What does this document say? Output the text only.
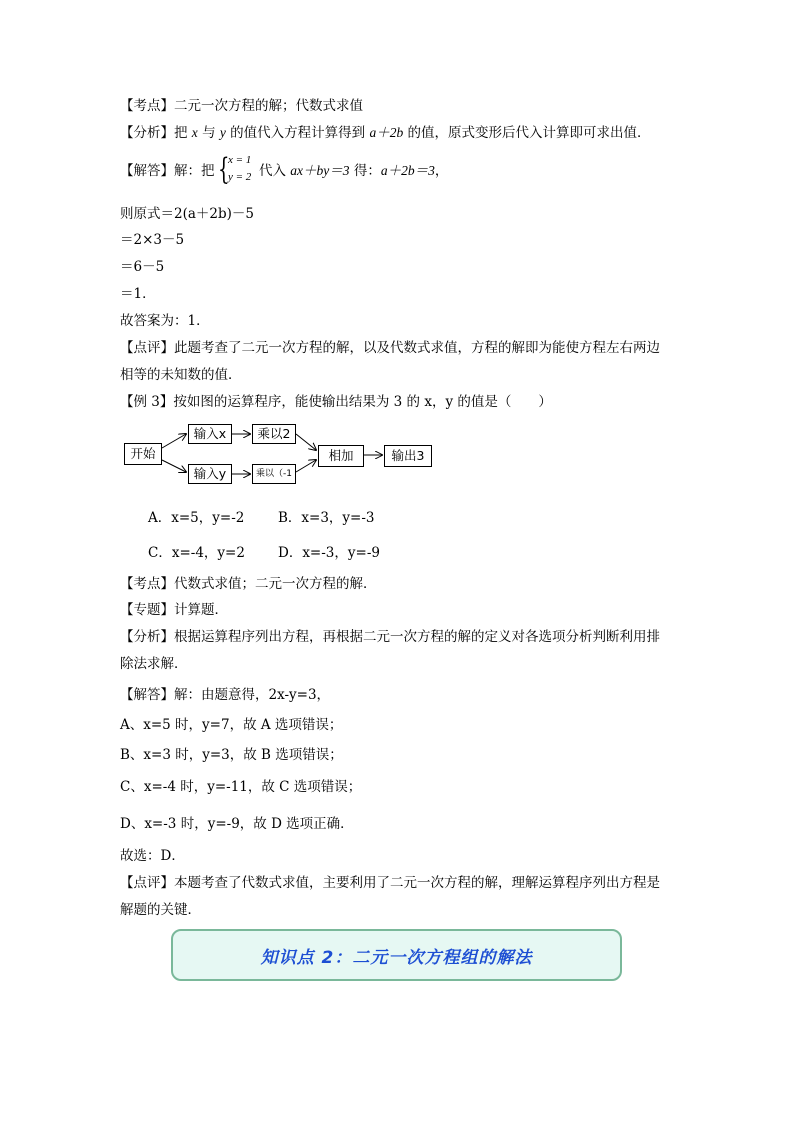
【考点】二元一次方程的解；代数式求值
【分析】把 x 与 y 的值代入方程计算得到 a＋2b 的值，原式变形后代入计算即可求出值．
【解答】解：把 {
x = 1
y = 2 代入 ax＋by＝3 得：a＋2b＝3，
则原式＝2(a＋2b)－5
＝2×3－5
＝6－5
＝1．
故答案为：1．
【点评】此题考查了二元一次方程的解，以及代数式求值，方程的解即为能使方程左右两边
相等的未知数的值．
【例 3】按如图的运算程序，能使输出结果为 3 的 x，y 的值是（　　）
开始
输入x	乘以2
输入y	乘以（-1
相加	输出3
A．x=5，y=-2 B．x=3，y=-3
C．x=-4，y=2 D．x=-3，y=-9
【考点】代数式求值；二元一次方程的解．
【专题】计算题．
【分析】根据运算程序列出方程，再根据二元一次方程的解的定义对各选项分析判断利用排
除法求解．
【解答】解：由题意得，2x-y=3，
A、x=5 时，y=7，故 A 选项错误；
B、x=3 时，y=3，故 B 选项错误；
C、x=-4 时，y=-11，故 C 选项错误；
D、x=-3 时，y=-9，故 D 选项正确．
故选：D．
【点评】本题考查了代数式求值，主要利用了二元一次方程的解，理解运算程序列出方程是
解题的关键．
知识点 2：二元一次方程组的解法
